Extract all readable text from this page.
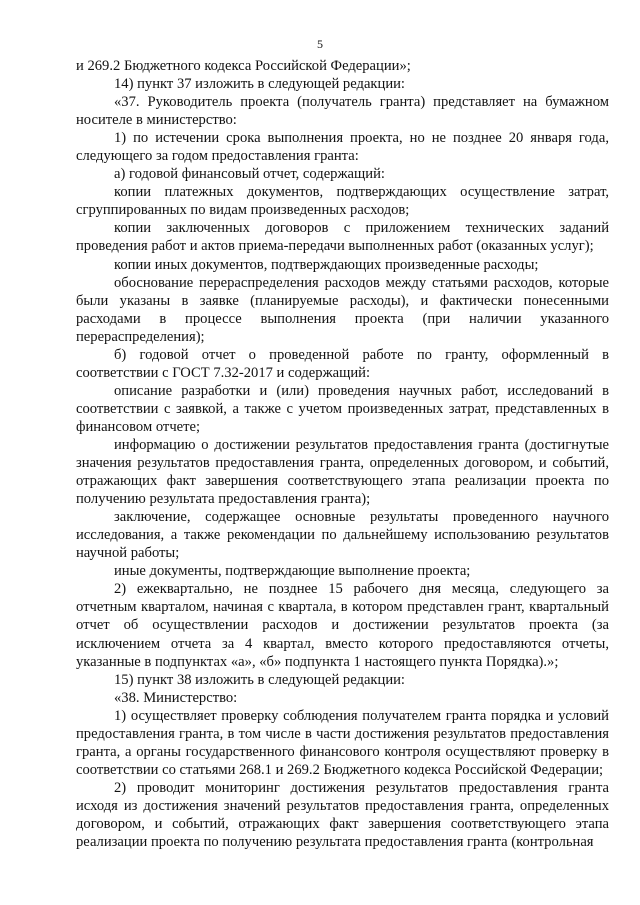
5

и 269.2 Бюджетного кодекса Российской Федерации»;

14) пункт 37 изложить в следующей редакции:

«37. Руководитель проекта (получатель гранта) представляет на бумажном носителе в министерство:

1) по истечении срока выполнения проекта, но не позднее 20 января года, следующего за годом предоставления гранта:

а) годовой финансовый отчет, содержащий:

копии платежных документов, подтверждающих осуществление затрат, сгруппированных по видам произведенных расходов;

копии заключенных договоров с приложением технических заданий проведения работ и актов приема-передачи выполненных работ (оказанных услуг);

копии иных документов, подтверждающих произведенные расходы;

обоснование перераспределения расходов между статьями расходов, которые были указаны в заявке (планируемые расходы), и фактически понесенными расходами в процессе выполнения проекта (при наличии указанного перераспределения);

б) годовой отчет о проведенной работе по гранту, оформленный в соответствии с ГОСТ 7.32-2017 и содержащий:

описание разработки и (или) проведения научных работ, исследований в соответствии с заявкой, а также с учетом произведенных затрат, представленных в финансовом отчете;

информацию о достижении результатов предоставления гранта (достигнутые значения результатов предоставления гранта, определенных договором, и событий, отражающих факт завершения соответствующего этапа реализации проекта по получению результата предоставления гранта);

заключение, содержащее основные результаты проведенного научного исследования, а также рекомендации по дальнейшему использованию результатов научной работы;

иные документы, подтверждающие выполнение проекта;

2) ежеквартально, не позднее 15 рабочего дня месяца, следующего за отчетным кварталом, начиная с квартала, в котором представлен грант, квартальный отчет об осуществлении расходов и достижении результатов проекта (за исключением отчета за 4 квартал, вместо которого предоставляются отчеты, указанные в подпунктах «а», «б» подпункта 1 настоящего пункта Порядка).»;

15) пункт 38 изложить в следующей редакции:

«38. Министерство:

1) осуществляет проверку соблюдения получателем гранта порядка и условий предоставления гранта, в том числе в части достижения результатов предоставления гранта, а органы государственного финансового контроля осуществляют проверку в соответствии со статьями 268.1 и 269.2 Бюджетного кодекса Российской Федерации;

2) проводит мониторинг достижения результатов предоставления гранта исходя из достижения значений результатов предоставления гранта, определенных договором, и событий, отражающих факт завершения соответствующего этапа реализации проекта по получению результата предоставления гранта (контрольная
